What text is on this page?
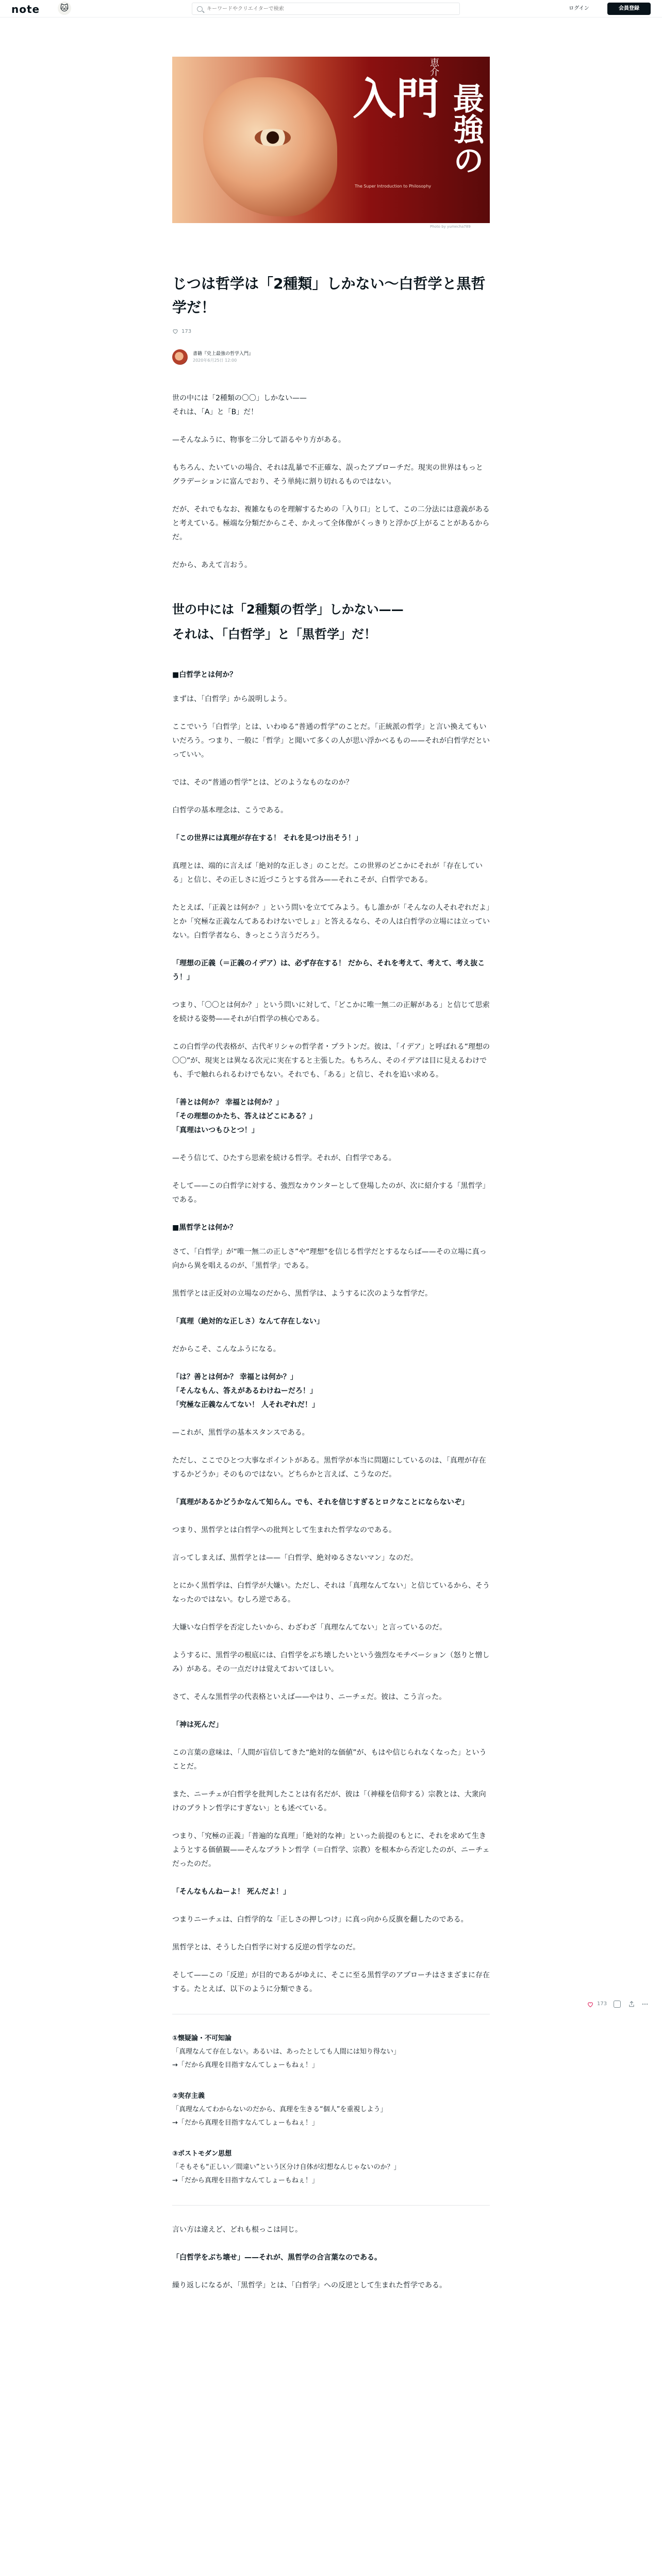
note 🐱
キーワードやクリエイターで検索	ログイン	会員登録
恵介
最強の
入門
The Super Introduction to Philosophy
Photo by yumecha789
じつは哲学は「2種類」しかない〜白哲学と黒哲学だ！
173
書籍『史上最強の哲学入門』
2020年6月25日 12:00

世の中には「2種類の〇〇」しかない——
それは、「A」と「B」だ！

—そんなふうに、物事を二分して語るやり方がある。

もちろん、たいていの場合、それは乱暴で不正確な、誤ったアプローチだ。現実の世界はもっとグラデーションに富んでおり、そう単純に割り切れるものではない。

だが、それでもなお、複雑なものを理解するための「入り口」として、この二分法には意義があると考えている。極端な分類だからこそ、かえって全体像がくっきりと浮かび上がることがあるからだ。

だから、あえて言おう。

世の中には「2種類の哲学」しかない——
それは、「白哲学」と「黒哲学」だ！
■白哲学とは何か？

まずは、「白哲学」から説明しよう。

ここでいう「白哲学」とは、いわゆる“普通の哲学”のことだ。「正統派の哲学」と言い換えてもいいだろう。つまり、一般に「哲学」と聞いて多くの人が思い浮かべるもの——それが白哲学だといっていい。

では、その“普通の哲学”とは、どのようなものなのか？

白哲学の基本理念は、こうである。

「この世界には真理が存在する！ それを見つけ出そう！」

真理とは、端的に言えば「絶対的な正しさ」のことだ。この世界のどこかにそれが「存在している」と信じ、その正しさに近づこうとする営み——それこそが、白哲学である。

たとえば、「正義とは何か？」という問いを立ててみよう。もし誰かが「そんなの人それぞれだよ」とか「究極な正義なんてあるわけないでしょ」と答えるなら、その人は白哲学の立場には立っていない。白哲学者なら、きっとこう言うだろう。

「理想の正義（＝正義のイデア）は、必ず存在する！ だから、それを考えて、考えて、考え抜こう！」

つまり、「〇〇とは何か？」という問いに対して、「どこかに唯一無二の正解がある」と信じて思索を続ける姿勢——それが白哲学の核心である。

この白哲学の代表格が、古代ギリシャの哲学者・プラトンだ。彼は、「イデア」と呼ばれる“理想の〇〇”が、現実とは異なる次元に実在すると主張した。もちろん、そのイデアは目に見えるわけでも、手で触れられるわけでもない。それでも、「ある」と信じ、それを追い求める。

「善とは何か？ 幸福とは何か？」
「その理想のかたち、答えはどこにある？」
「真理はいつもひとつ！」

—そう信じて、ひたすら思索を続ける哲学。それが、白哲学である。

そして——この白哲学に対する、強烈なカウンターとして登場したのが、次に紹介する「黒哲学」である。

■黒哲学とは何か？

さて、「白哲学」が“唯一無二の正しさ”や“理想”を信じる哲学だとするならば——その立場に真っ向から異を唱えるのが、「黒哲学」である。

黒哲学とは正反対の立場なのだから、黒哲学は、ようするに次のような哲学だ。

「真理（絶対的な正しさ）なんて存在しない」

だからこそ、こんなふうになる。

「は？善とは何か？ 幸福とは何か？」
「そんなもん、答えがあるわけねーだろ！」
「究極な正義なんてない！ 人それぞれだ！」

—これが、黒哲学の基本スタンスである。

ただし、ここでひとつ大事なポイントがある。黒哲学が本当に問題にしているのは、「真理が存在するかどうか」そのものではない。どちらかと言えば、こうなのだ。

「真理があるかどうかなんて知らん。でも、それを信じすぎるとロクなことにならないぞ」

つまり、黒哲学とは白哲学への批判として生まれた哲学なのである。

言ってしまえば、黒哲学とは——「白哲学、絶対ゆるさないマン」なのだ。

とにかく黒哲学は、白哲学が大嫌い。ただし、それは「真理なんてない」と信じているから、そうなったのではない。むしろ逆である。

大嫌いな白哲学を否定したいから、わざわざ「真理なんてない」と言っているのだ。

ようするに、黒哲学の根底には、白哲学をぶち壊したいという強烈なモチベーション（怒りと憎しみ）がある。その一点だけは覚えておいてほしい。

さて、そんな黒哲学の代表格といえば——やはり、ニーチェだ。彼は、こう言った。

「神は死んだ」

この言葉の意味は、「人間が盲信してきた“絶対的な価値”が、もはや信じられなくなった」ということだ。

また、ニーチェが白哲学を批判したことは有名だが、彼は「（神様を信仰する）宗教とは、大衆向けのプラトン哲学にすぎない」とも述べている。

つまり、「究極の正義」「普遍的な真理」「絶対的な神」といった前提のもとに、それを求めて生きようとする価値観——そんなプラトン哲学（＝白哲学、宗教）を根本から否定したのが、ニーチェだったのだ。

「そんなもんねーよ！ 死んだよ！」

つまりニーチェは、白哲学的な「正しさの押しつけ」に真っ向から反旗を翻したのである。

黒哲学とは、そうした白哲学に対する反逆の哲学なのだ。

そして——この「反逆」が目的であるがゆえに、そこに至る黒哲学のアプローチはさまざまに存在する。たとえば、以下のように分類できる。

①懐疑論・不可知論
「真理なんて存在しない。あるいは、あったとしても人間には知り得ない」
→「だから真理を目指すなんてしょーもねぇ！」
②実存主義
「真理なんてわからないのだから、真理を生きる“個人”を重視しよう」
→「だから真理を目指すなんてしょーもねぇ！」
③ポストモダン思想
「そもそも“正しい／間違い”という区分け自体が幻想なんじゃないのか？」
→「だから真理を目指すなんてしょーもねぇ！」

言い方は違えど、どれも根っこは同じ。

「白哲学をぶち壊せ」——それが、黒哲学の合言葉なのである。

繰り返しになるが、「黒哲学」とは、「白哲学」への反逆として生まれた哲学である。

173
